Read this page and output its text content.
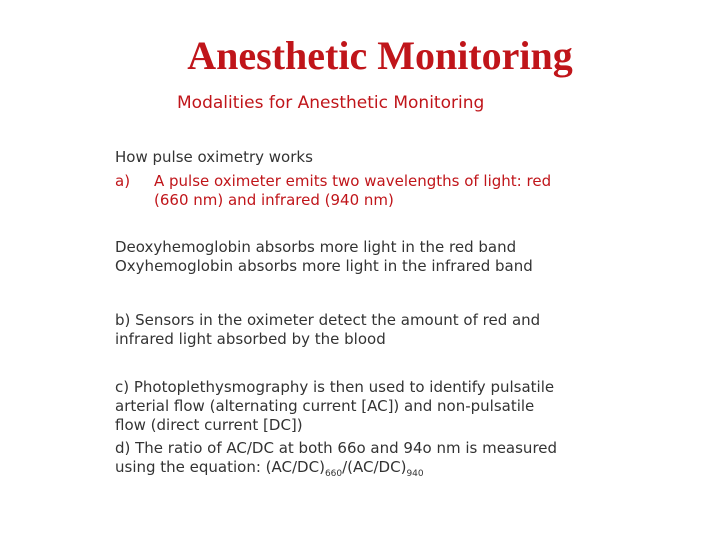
Anesthetic Monitoring
Modalities for Anesthetic Monitoring
How pulse oximetry works
a) A pulse oximeter emits two wavelengths of light: red
(660 nm) and infrared (940 nm)
Deoxyhemoglobin absorbs more light in the red band
Oxyhemoglobin absorbs more light in the infrared band
b) Sensors in the oximeter detect the amount of red and
infrared light absorbed by the blood
c) Photoplethysmography is then used to identify pulsatile
arterial flow (alternating current [AC]) and non-pulsatile
flow (direct current [DC])
d) The ratio of AC/DC at both 66o and 94o nm is measured
using the equation: $(AC/DC)_{660}/(AC/DC)_{940}$
